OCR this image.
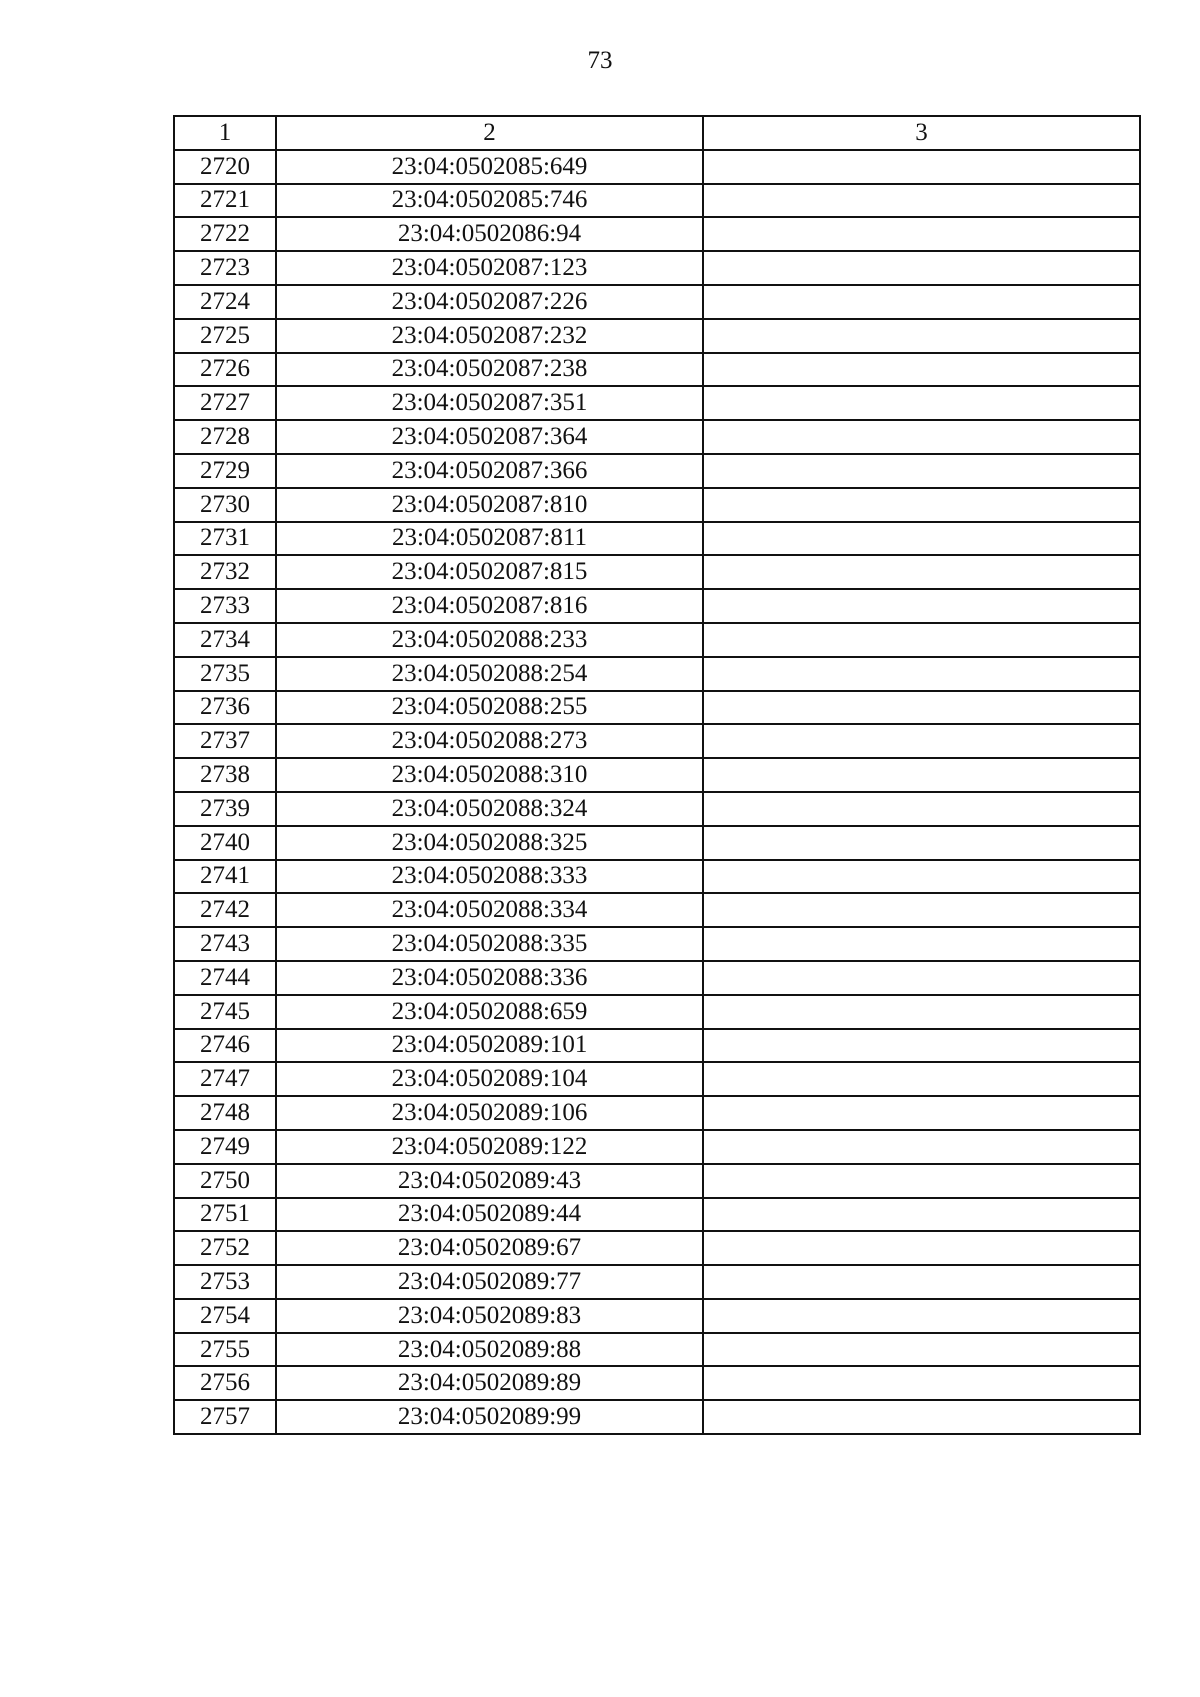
73
1	2	3
2720	23:04:0502085:649	
2721	23:04:0502085:746	
2722	23:04:0502086:94	
2723	23:04:0502087:123	
2724	23:04:0502087:226	
2725	23:04:0502087:232	
2726	23:04:0502087:238	
2727	23:04:0502087:351	
2728	23:04:0502087:364	
2729	23:04:0502087:366	
2730	23:04:0502087:810	
2731	23:04:0502087:811	
2732	23:04:0502087:815	
2733	23:04:0502087:816	
2734	23:04:0502088:233	
2735	23:04:0502088:254	
2736	23:04:0502088:255	
2737	23:04:0502088:273	
2738	23:04:0502088:310	
2739	23:04:0502088:324	
2740	23:04:0502088:325	
2741	23:04:0502088:333	
2742	23:04:0502088:334	
2743	23:04:0502088:335	
2744	23:04:0502088:336	
2745	23:04:0502088:659	
2746	23:04:0502089:101	
2747	23:04:0502089:104	
2748	23:04:0502089:106	
2749	23:04:0502089:122	
2750	23:04:0502089:43	
2751	23:04:0502089:44	
2752	23:04:0502089:67	
2753	23:04:0502089:77	
2754	23:04:0502089:83	
2755	23:04:0502089:88	
2756	23:04:0502089:89	
2757	23:04:0502089:99	
